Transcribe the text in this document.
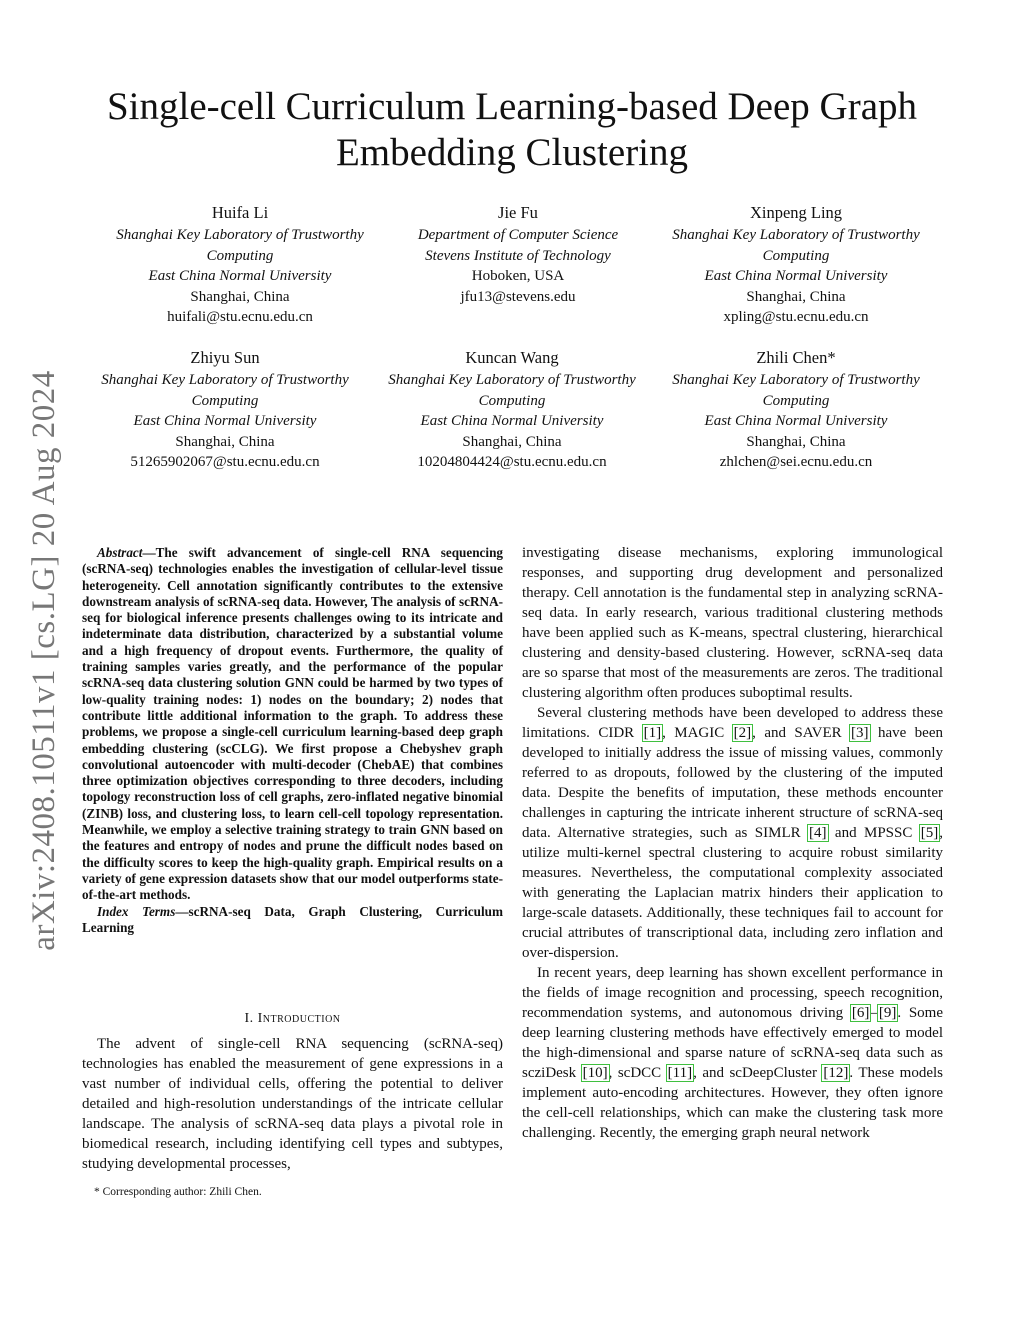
arXiv:2408.10511v1 [cs.LG] 20 Aug 2024
Single-cell Curriculum Learning-based Deep Graph Embedding Clustering
Huifa Li
Shanghai Key Laboratory of Trustworthy
Computing
East China Normal University
Shanghai, China
huifali@stu.ecnu.edu.cn
Jie Fu
Department of Computer Science
Stevens Institute of Technology
Hoboken, USA
jfu13@stevens.edu
Xinpeng Ling
Shanghai Key Laboratory of Trustworthy
Computing
East China Normal University
Shanghai, China
xpling@stu.ecnu.edu.cn
Zhiyu Sun
Shanghai Key Laboratory of Trustworthy
Computing
East China Normal University
Shanghai, China
51265902067@stu.ecnu.edu.cn
Kuncan Wang
Shanghai Key Laboratory of Trustworthy
Computing
East China Normal University
Shanghai, China
10204804424@stu.ecnu.edu.cn
Zhili Chen*
Shanghai Key Laboratory of Trustworthy
Computing
East China Normal University
Shanghai, China
zhlchen@sei.ecnu.edu.cn

Abstract—The swift advancement of single-cell RNA sequencing (scRNA-seq) technologies enables the investigation of cellular-level tissue heterogeneity. Cell annotation significantly contributes to the extensive downstream analysis of scRNA-seq data. However, The analysis of scRNA-seq for biological inference presents challenges owing to its intricate and indeterminate data distribution, characterized by a substantial volume and a high frequency of dropout events. Furthermore, the quality of training samples varies greatly, and the performance of the popular scRNA-seq data clustering solution GNN could be harmed by two types of low-quality training nodes: 1) nodes on the boundary; 2) nodes that contribute little additional information to the graph. To address these problems, we propose a single-cell curriculum learning-based deep graph embedding clustering (scCLG). We first propose a Chebyshev graph convolutional autoencoder with multi-decoder (ChebAE) that combines three optimization objectives corresponding to three decoders, including topology reconstruction loss of cell graphs, zero-inflated negative binomial (ZINB) loss, and clustering loss, to learn cell-cell topology representation. Meanwhile, we employ a selective training strategy to train GNN based on the features and entropy of nodes and prune the difficult nodes based on the difficulty scores to keep the high-quality graph. Empirical results on a variety of gene expression datasets show that our model outperforms state-of-the-art methods.

Index Terms—scRNA-seq Data, Graph Clustering, Curriculum Learning

I. Introduction

The advent of single-cell RNA sequencing (scRNA-seq) technologies has enabled the measurement of gene expressions in a vast number of individual cells, offering the potential to deliver detailed and high-resolution understandings of the intricate cellular landscape. The analysis of scRNA-seq data plays a pivotal role in biomedical research, including identifying cell types and subtypes, studying developmental processes,

* Corresponding author: Zhili Chen.

investigating disease mechanisms, exploring immunological responses, and supporting drug development and personalized therapy. Cell annotation is the fundamental step in analyzing scRNA-seq data. In early research, various traditional clustering methods have been applied such as K-means, spectral clustering, hierarchical clustering and density-based clustering. However, scRNA-seq data are so sparse that most of the measurements are zeros. The traditional clustering algorithm often produces suboptimal results.

Several clustering methods have been developed to address these limitations. CIDR [1], MAGIC [2], and SAVER [3] have been developed to initially address the issue of missing values, commonly referred to as dropouts, followed by the clustering of the imputed data. Despite the benefits of imputation, these methods encounter challenges in capturing the intricate inherent structure of scRNA-seq data. Alternative strategies, such as SIMLR [4] and MPSSC [5], utilize multi-kernel spectral clustering to acquire robust similarity measures. Nevertheless, the computational complexity associated with generating the Laplacian matrix hinders their application to large-scale datasets. Additionally, these techniques fail to account for crucial attributes of transcriptional data, including zero inflation and over-dispersion.

In recent years, deep learning has shown excellent performance in the fields of image recognition and processing, speech recognition, recommendation systems, and autonomous driving [6]–[9]. Some deep learning clustering methods have effectively emerged to model the high-dimensional and sparse nature of scRNA-seq data such as scziDesk [10], scDCC [11], and scDeepCluster [12]. These models implement auto-encoding architectures. However, they often ignore the cell-cell relationships, which can make the clustering task more challenging. Recently, the emerging graph neural network
